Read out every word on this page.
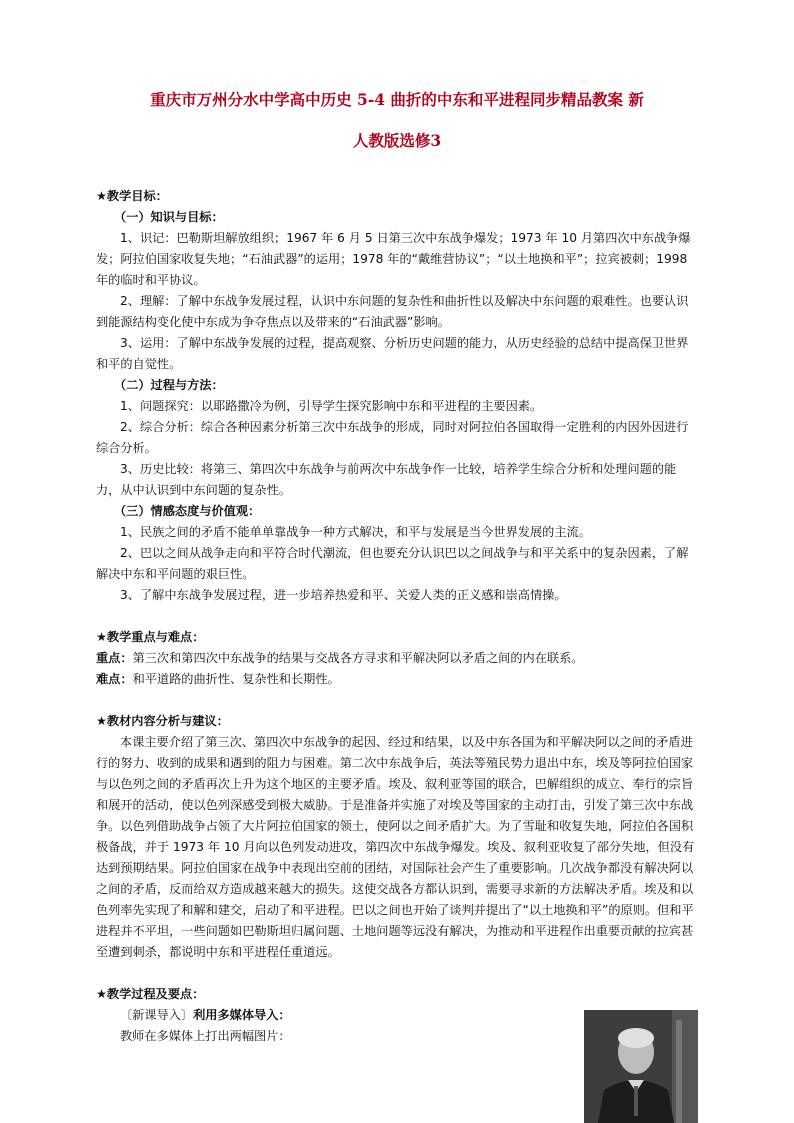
重庆市万州分水中学高中历史 5-4 曲折的中东和平进程同步精品教案 新
人教版选修3

★教学目标：

（一）知识与目标：

1、识记：巴勒斯坦解放组织；1967 年 6 月 5 日第三次中东战争爆发；1973 年 10 月第四次中东战争爆发；阿拉伯国家收复失地；“石油武器”的运用；1978 年的“戴维营协议”；“以土地换和平”；拉宾被刺；1998 年的临时和平协议。

2、理解：了解中东战争发展过程，认识中东问题的复杂性和曲折性以及解决中东问题的艰难性。也要认识到能源结构变化使中东成为争夺焦点以及带来的“石油武器”影响。

3、运用：了解中东战争发展的过程，提高观察、分析历史问题的能力，从历史经验的总结中提高保卫世界和平的自觉性。

（二）过程与方法：

1、问题探究：以耶路撒冷为例，引导学生探究影响中东和平进程的主要因素。

2、综合分析：综合各种因素分析第三次中东战争的形成，同时对阿拉伯各国取得一定胜利的内因外因进行综合分析。

3、历史比较：将第三、第四次中东战争与前两次中东战争作一比较，培养学生综合分析和处理问题的能力，从中认识到中东问题的复杂性。

（三）情感态度与价值观：

1、民族之间的矛盾不能单单靠战争一种方式解决，和平与发展是当今世界发展的主流。

2、巴以之间从战争走向和平符合时代潮流，但也要充分认识巴以之间战争与和平关系中的复杂因素，了解解决中东和平问题的艰巨性。

3、了解中东战争发展过程，进一步培养热爱和平、关爱人类的正义感和崇高情操。

★教学重点与难点：

重点：第三次和第四次中东战争的结果与交战各方寻求和平解决阿以矛盾之间的内在联系。

难点：和平道路的曲折性、复杂性和长期性。

★教材内容分析与建议：

本课主要介绍了第三次、第四次中东战争的起因、经过和结果，以及中东各国为和平解决阿以之间的矛盾进行的努力、收到的成果和遇到的阻力与困难。第二次中东战争后，英法等殖民势力退出中东，埃及等阿拉伯国家与以色列之间的矛盾再次上升为这个地区的主要矛盾。埃及、叙利亚等国的联合，巴解组织的成立、奉行的宗旨和展开的活动，使以色列深感受到极大威胁。于是准备并实施了对埃及等国家的主动打击，引发了第三次中东战争。以色列借助战争占领了大片阿拉伯国家的领土，使阿以之间矛盾扩大。为了雪耻和收复失地，阿拉伯各国积极备战，并于 1973 年 10 月向以色列发动进攻，第四次中东战争爆发。埃及、叙利亚收复了部分失地，但没有达到预期结果。阿拉伯国家在战争中表现出空前的团结，对国际社会产生了重要影响。几次战争都没有解决阿以之间的矛盾，反而给双方造成越来越大的损失。这使交战各方都认识到，需要寻求新的方法解决矛盾。埃及和以色列率先实现了和解和建交，启动了和平进程。巴以之间也开始了谈判并提出了“以土地换和平”的原则。但和平进程并不平坦，一些问题如巴勒斯坦归属问题、土地问题等远没有解决，为推动和平进程作出重要贡献的拉宾甚至遭到刺杀，都说明中东和平进程任重道远。

★教学过程及要点：

〔新课导入〕利用多媒体导入：

教师在多媒体上打出两幅图片：
